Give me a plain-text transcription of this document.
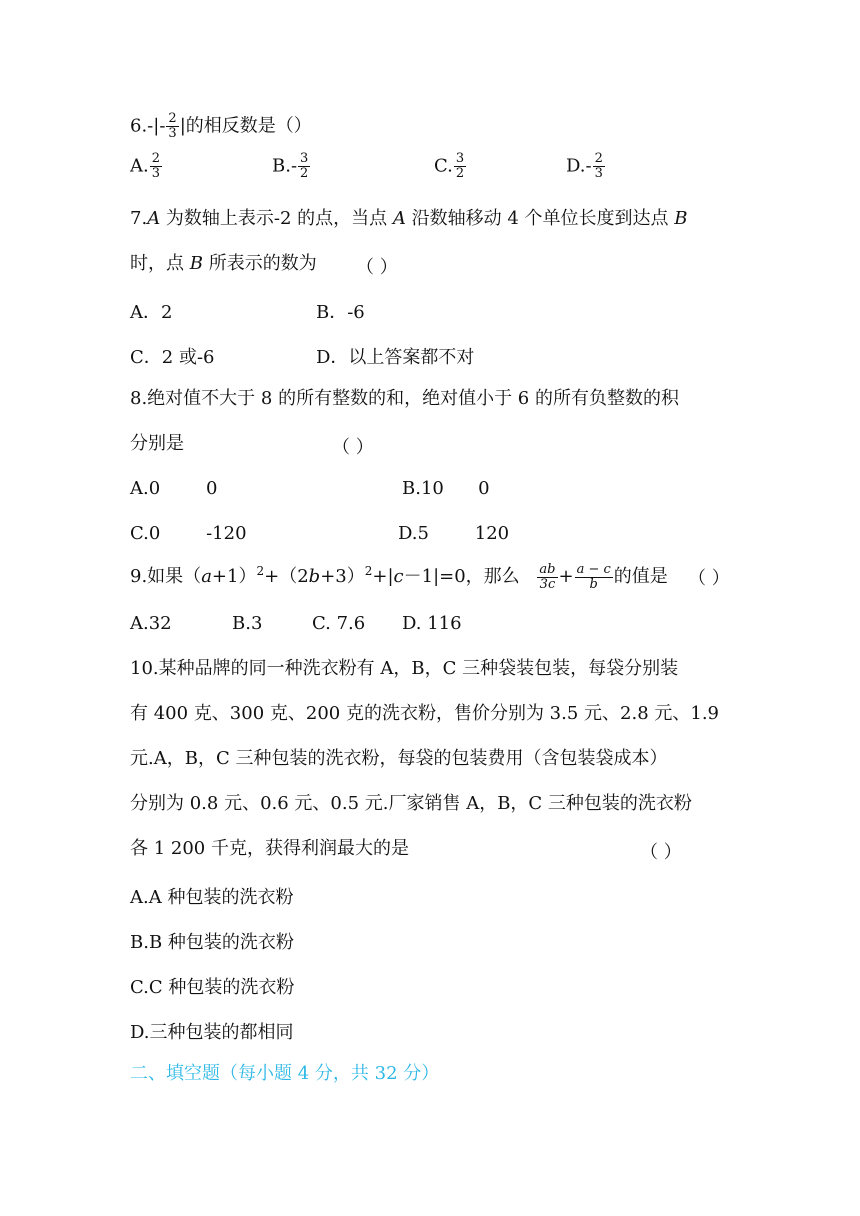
$6.-|- \frac{2}{3}$ |的相反数是（）
A. $\frac{2}{3}$	$B.- \frac{3}{2}$	C. $\frac{3}{2}$	$D.- \frac{2}{3}$
7.A 为数轴上表示-2 的点，当点 A 沿数轴移动 4 个单位长度到达点 B
时，点 B 所表示的数为 （ ）
A．2	B．-6
C．2 或-6	D．以上答案都不对
8.绝对值不大于 8 的所有整数的和，绝对值小于 6 的所有负整数的积
分别是	（ ）
A.0        0	B.10      0
C.0        -120	D.5        120
9.如果$(a+1)^2+(2b+3)^2+|c-1|=0$，那么 $\frac{ab}{3c} + \frac{a - c}{b}$ 的值是 （ ）
A.32	B.3	C. 7.6 D. 116
10.某种品牌的同一种洗衣粉有 A，B，C 三种袋装包装，每袋分别装
有 400 克、300 克、200 克的洗衣粉，售价分别为 3.5 元、2.8 元、1.9
元.A，B，C 三种包装的洗衣粉，每袋的包装费用（含包装袋成本）
分别为 0.8 元、0.6 元、0.5 元.厂家销售 A，B，C 三种包装的洗衣粉
各 1 200 千克，获得利润最大的是	（ ）
A.A 种包装的洗衣粉
B.B 种包装的洗衣粉
C.C 种包装的洗衣粉
D.三种包装的都相同
二、填空题（每小题 4 分，共 32 分）
